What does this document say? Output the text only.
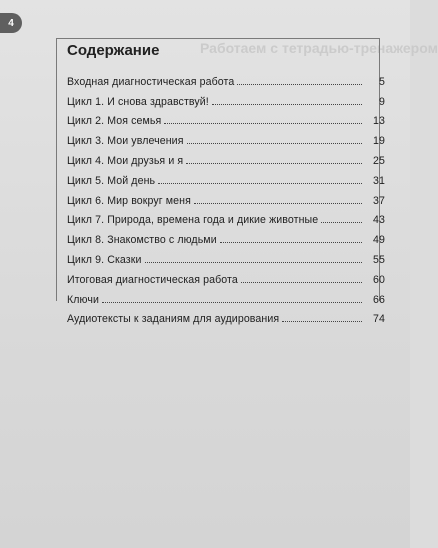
Работаем с тетрадью-тренажером
4
Содержание
Входная диагностическая работа	5
Цикл 1. И снова здравствуй!	9
Цикл 2. Моя семья	13
Цикл 3. Мои увлечения	19
Цикл 4. Мои друзья и я	25
Цикл 5. Мой день	31
Цикл 6. Мир вокруг меня	37
Цикл 7. Природа, времена года и дикие животные	43
Цикл 8. Знакомство с людьми	49
Цикл 9. Сказки	55
Итоговая диагностическая работа	60
Ключи	66
Аудиотексты к заданиям для аудирования	74
